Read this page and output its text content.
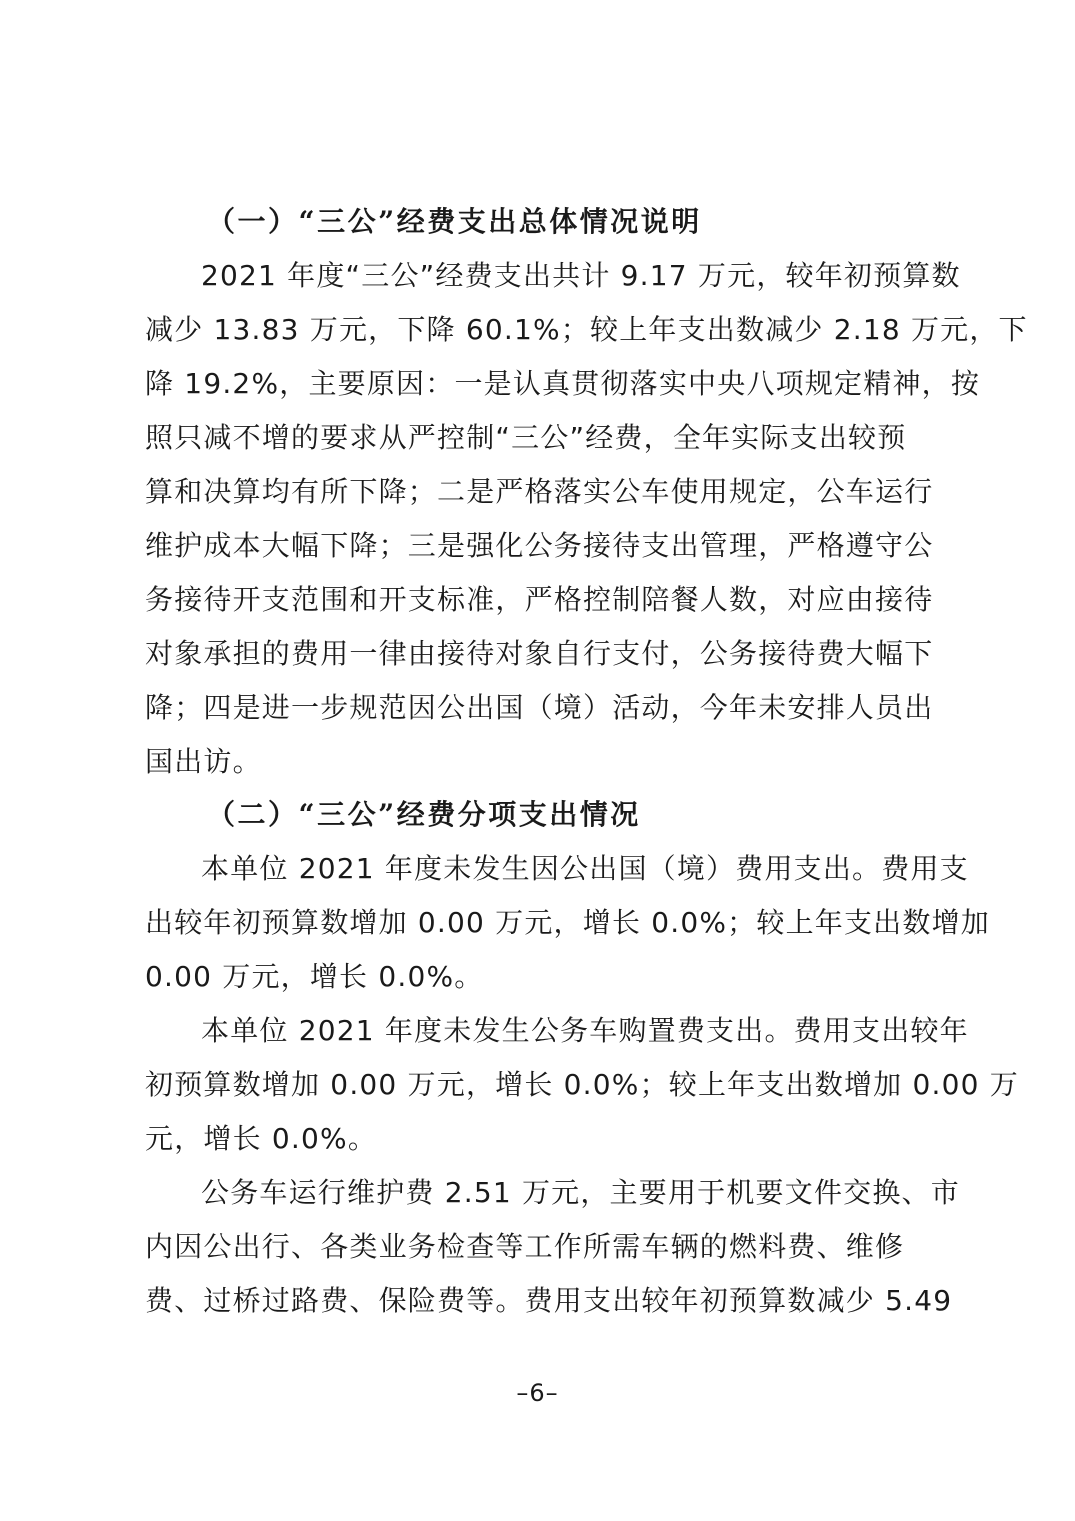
（一）“三公”经费支出总体情况说明
2021 年度“三公”经费支出共计 9.17 万元，较年初预算数
减少 13.83 万元，下降 60.1%；较上年支出数减少 2.18 万元，下
降 19.2%，主要原因：一是认真贯彻落实中央八项规定精神，按
照只减不增的要求从严控制“三公”经费，全年实际支出较预
算和决算均有所下降；二是严格落实公车使用规定，公车运行
维护成本大幅下降；三是强化公务接待支出管理，严格遵守公
务接待开支范围和开支标准，严格控制陪餐人数，对应由接待
对象承担的费用一律由接待对象自行支付，公务接待费大幅下
降；四是进一步规范因公出国（境）活动，今年未安排人员出
国出访。
（二）“三公”经费分项支出情况
本单位 2021 年度未发生因公出国（境）费用支出。费用支
出较年初预算数增加 0.00 万元，增长 0.0%；较上年支出数增加
0.00 万元，增长 0.0%。
本单位 2021 年度未发生公务车购置费支出。费用支出较年
初预算数增加 0.00 万元，增长 0.0%；较上年支出数增加 0.00 万
元，增长 0.0%。
公务车运行维护费 2.51 万元，主要用于机要文件交换、市
内因公出行、各类业务检查等工作所需车辆的燃料费、维修
费、过桥过路费、保险费等。费用支出较年初预算数减少 5.49
–6–
